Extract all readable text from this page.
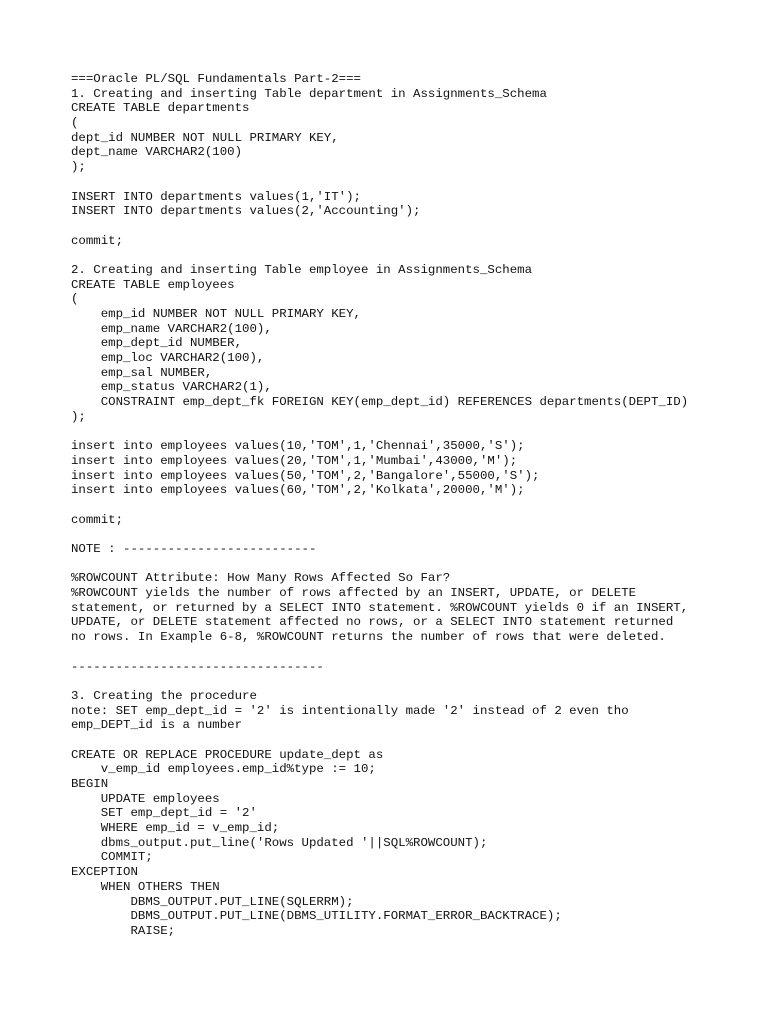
===Oracle PL/SQL Fundamentals Part-2===
1. Creating and inserting Table department in Assignments_Schema
CREATE TABLE departments
(
dept_id NUMBER NOT NULL PRIMARY KEY,
dept_name VARCHAR2(100)
);
INSERT INTO departments values(1,'IT');
INSERT INTO departments values(2,'Accounting');
commit;
2. Creating and inserting Table employee in Assignments_Schema
CREATE TABLE employees
(
emp_id NUMBER NOT NULL PRIMARY KEY,
emp_name VARCHAR2(100),
emp_dept_id NUMBER,
emp_loc VARCHAR2(100),
emp_sal NUMBER,
emp_status VARCHAR2(1),
CONSTRAINT emp_dept_fk FOREIGN KEY(emp_dept_id) REFERENCES departments(DEPT_ID)
);
insert into employees values(10,'TOM',1,'Chennai',35000,'S');
insert into employees values(20,'TOM',1,'Mumbai',43000,'M');
insert into employees values(50,'TOM',2,'Bangalore',55000,'S');
insert into employees values(60,'TOM',2,'Kolkata',20000,'M');
commit;
NOTE : --------------------------
%ROWCOUNT Attribute: How Many Rows Affected So Far?
%ROWCOUNT yields the number of rows affected by an INSERT, UPDATE, or DELETE
statement, or returned by a SELECT INTO statement. %ROWCOUNT yields 0 if an INSERT,
UPDATE, or DELETE statement affected no rows, or a SELECT INTO statement returned
no rows. In Example 6-8, %ROWCOUNT returns the number of rows that were deleted.
----------------------------------
3. Creating the procedure
note: SET emp_dept_id = '2' is intentionally made '2' instead of 2 even tho
emp_DEPT_id is a number
CREATE OR REPLACE PROCEDURE update_dept as
v_emp_id employees.emp_id%type := 10;
BEGIN
UPDATE employees
SET emp_dept_id = '2'
WHERE emp_id = v_emp_id;
dbms_output.put_line('Rows Updated '||SQL%ROWCOUNT);
COMMIT;
EXCEPTION
WHEN OTHERS THEN
DBMS_OUTPUT.PUT_LINE(SQLERRM);
DBMS_OUTPUT.PUT_LINE(DBMS_UTILITY.FORMAT_ERROR_BACKTRACE);
RAISE;
